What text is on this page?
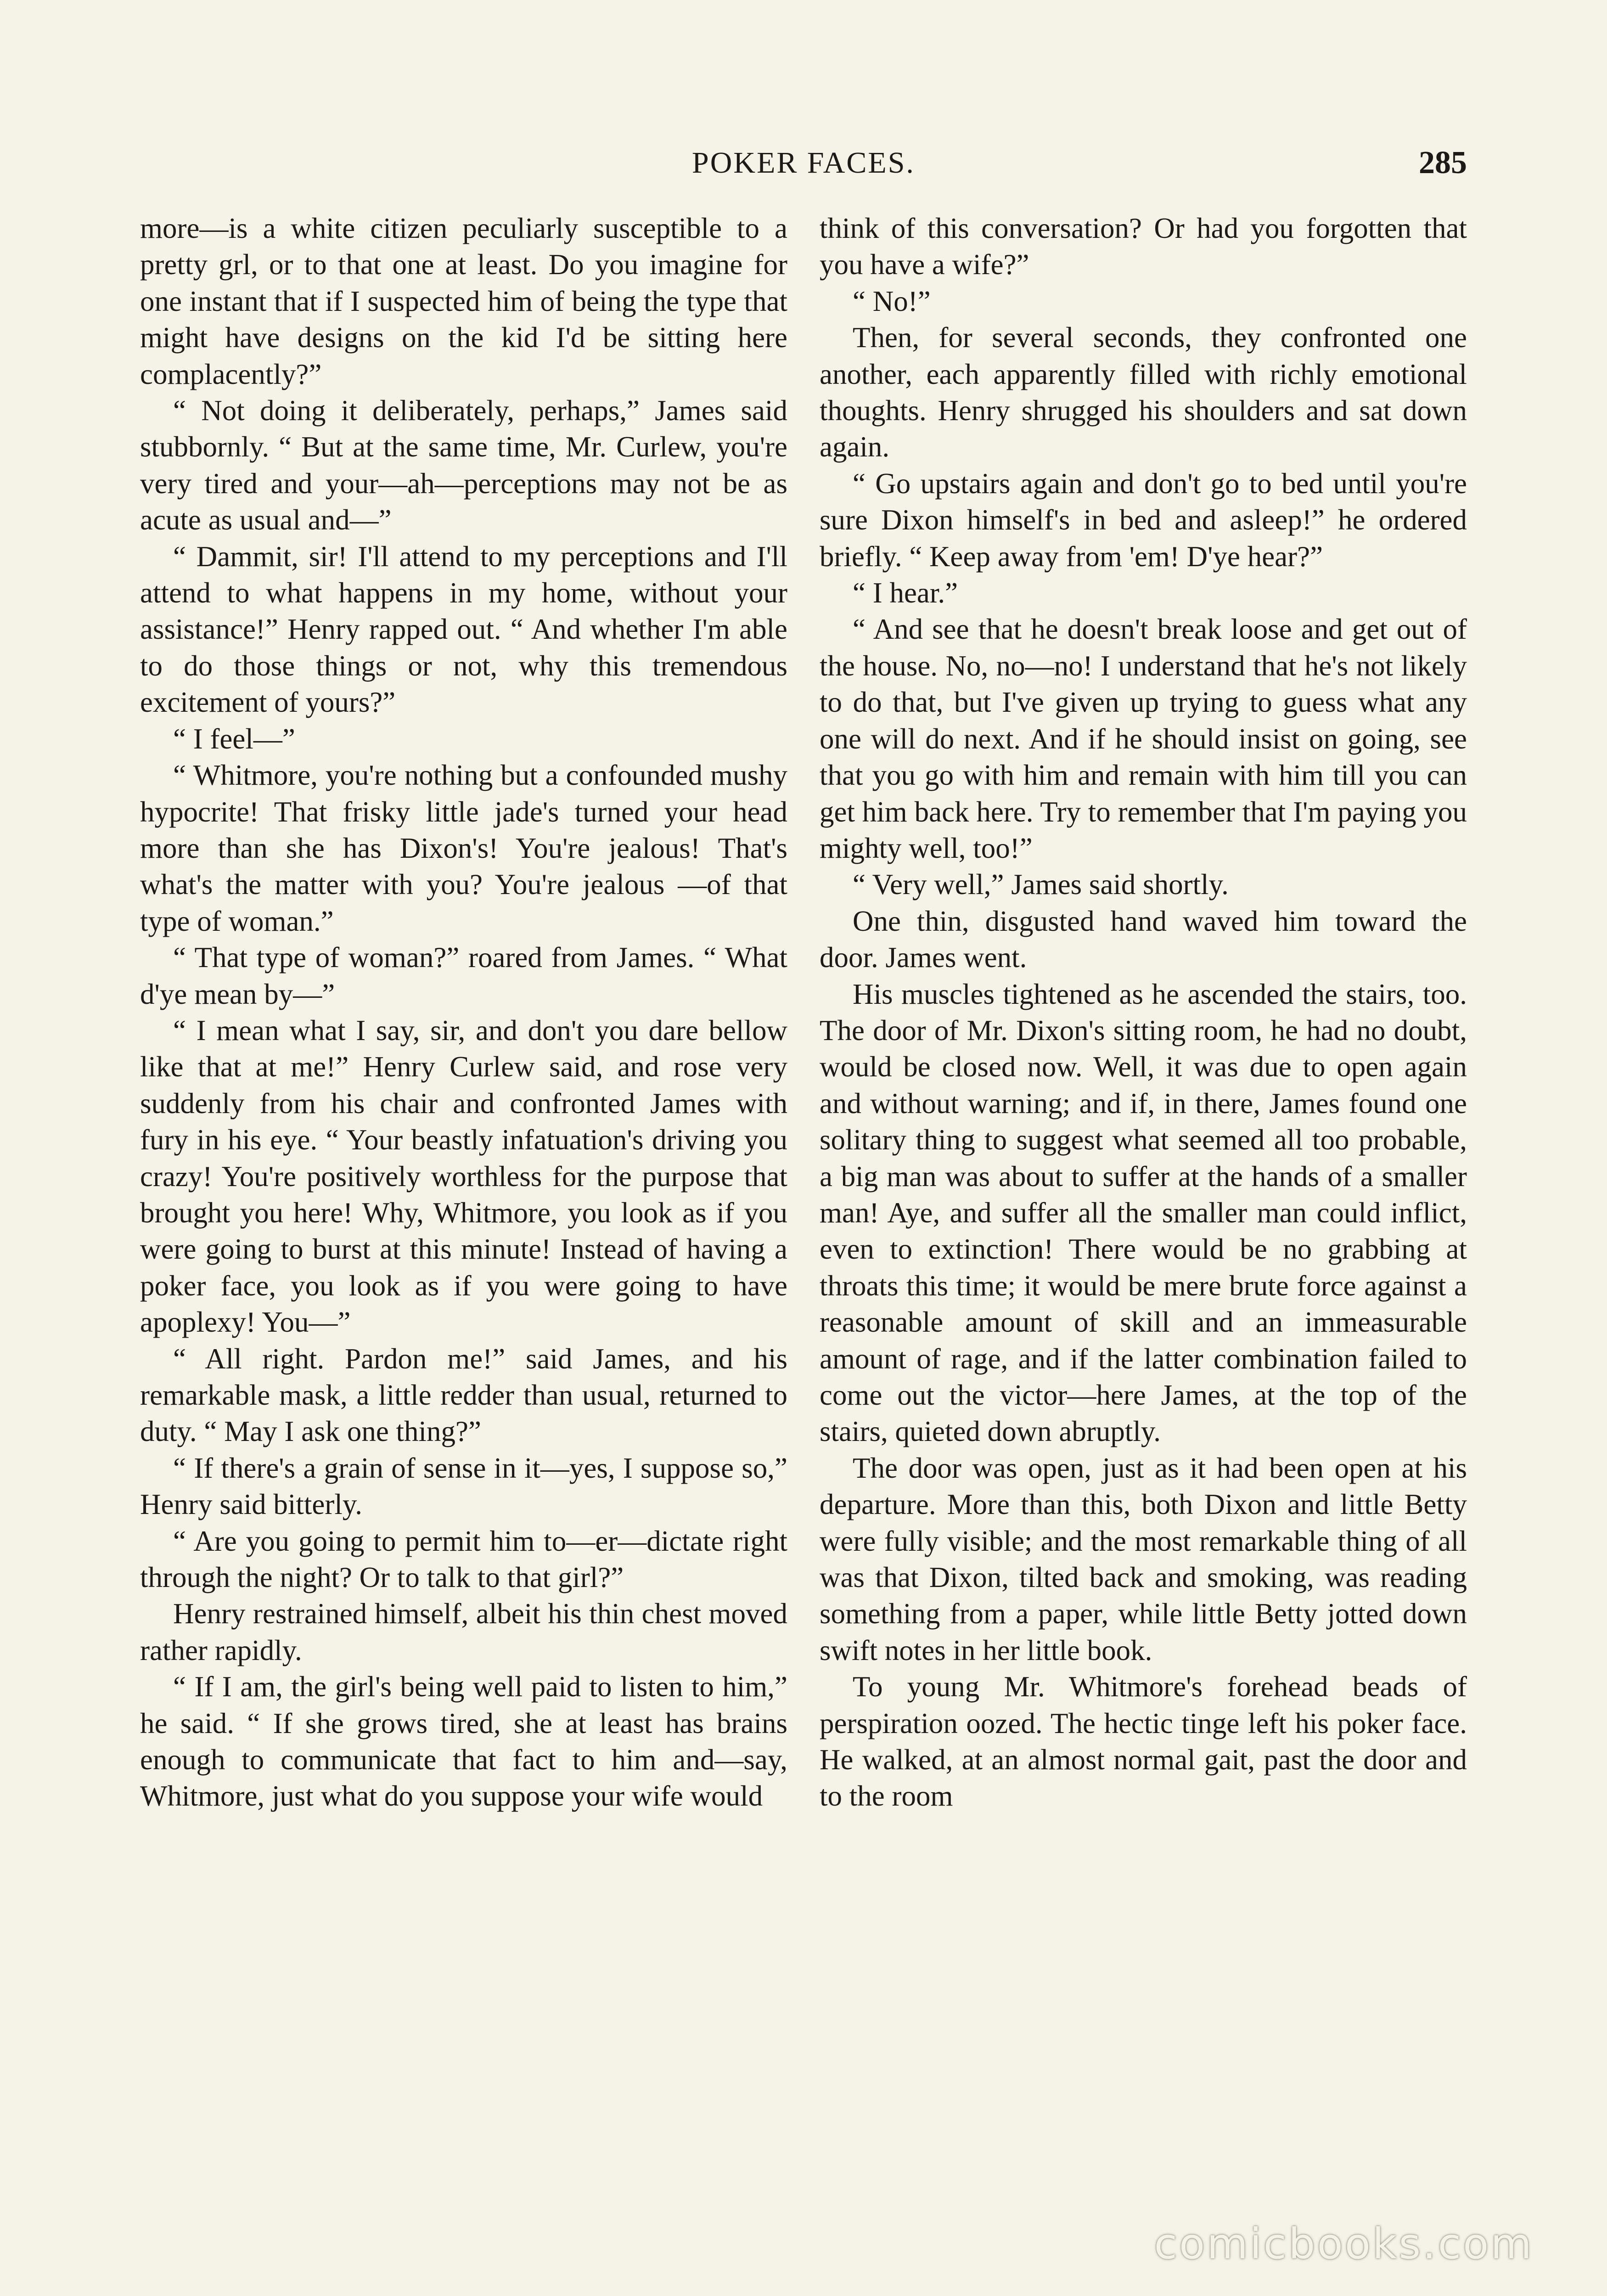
POKER FACES.	285

more—is a white citizen peculiarly susceptible to a pretty grl, or to that one at least. Do you imagine for one instant that if I suspected him of being the type that might have designs on the kid I'd be sitting here complacently?”

“ Not doing it deliberately, perhaps,” James said stubbornly. “ But at the same time, Mr. Curlew, you're very tired and your—ah—perceptions may not be as acute as usual and—”

“ Dammit, sir! I'll attend to my perceptions and I'll attend to what happens in my home, without your assistance!” Henry rapped out. “ And whether I'm able to do those things or not, why this tremendous excitement of yours?”

“ I feel—”

“ Whitmore, you're nothing but a confounded mushy hypocrite! That frisky little jade's turned your head more than she has Dixon's! You're jealous! That's what's the matter with you? You're jealous —of that type of woman.”

“ That type of woman?” roared from James. “ What d'ye mean by—”

“ I mean what I say, sir, and don't you dare bellow like that at me!” Henry Curlew said, and rose very suddenly from his chair and confronted James with fury in his eye. “ Your beastly infatuation's driving you crazy! You're positively worthless for the purpose that brought you here! Why, Whitmore, you look as if you were going to burst at this minute! Instead of having a poker face, you look as if you were going to have apoplexy! You—”

“ All right. Pardon me!” said James, and his remarkable mask, a little redder than usual, returned to duty. “ May I ask one thing?”

“ If there's a grain of sense in it—yes, I suppose so,” Henry said bitterly.

“ Are you going to permit him to—er—dictate right through the night? Or to talk to that girl?”

Henry restrained himself, albeit his thin chest moved rather rapidly.

“ If I am, the girl's being well paid to listen to him,” he said. “ If she grows tired, she at least has brains enough to communicate that fact to him and—say, Whitmore, just what do you suppose your wife would

think of this conversation? Or had you forgotten that you have a wife?”

“ No!”

Then, for several seconds, they confronted one another, each apparently filled with richly emotional thoughts. Henry shrugged his shoulders and sat down again.

“ Go upstairs again and don't go to bed until you're sure Dixon himself's in bed and asleep!” he ordered briefly. “ Keep away from 'em! D'ye hear?”

“ I hear.”

“ And see that he doesn't break loose and get out of the house. No, no—no! I understand that he's not likely to do that, but I've given up trying to guess what any one will do next. And if he should insist on going, see that you go with him and remain with him till you can get him back here. Try to remember that I'm paying you mighty well, too!”

“ Very well,” James said shortly.

One thin, disgusted hand waved him toward the door. James went.

His muscles tightened as he ascended the stairs, too. The door of Mr. Dixon's sitting room, he had no doubt, would be closed now. Well, it was due to open again and without warning; and if, in there, James found one solitary thing to suggest what seemed all too probable, a big man was about to suffer at the hands of a smaller man! Aye, and suffer all the smaller man could inflict, even to extinction! There would be no grabbing at throats this time; it would be mere brute force against a reasonable amount of skill and an immeasurable amount of rage, and if the latter combination failed to come out the victor—here James, at the top of the stairs, quieted down abruptly.

The door was open, just as it had been open at his departure. More than this, both Dixon and little Betty were fully visible; and the most remarkable thing of all was that Dixon, tilted back and smoking, was reading something from a paper, while little Betty jotted down swift notes in her little book.

To young Mr. Whitmore's forehead beads of perspiration oozed. The hectic tinge left his poker face. He walked, at an almost normal gait, past the door and to the room

comicbooks.com
